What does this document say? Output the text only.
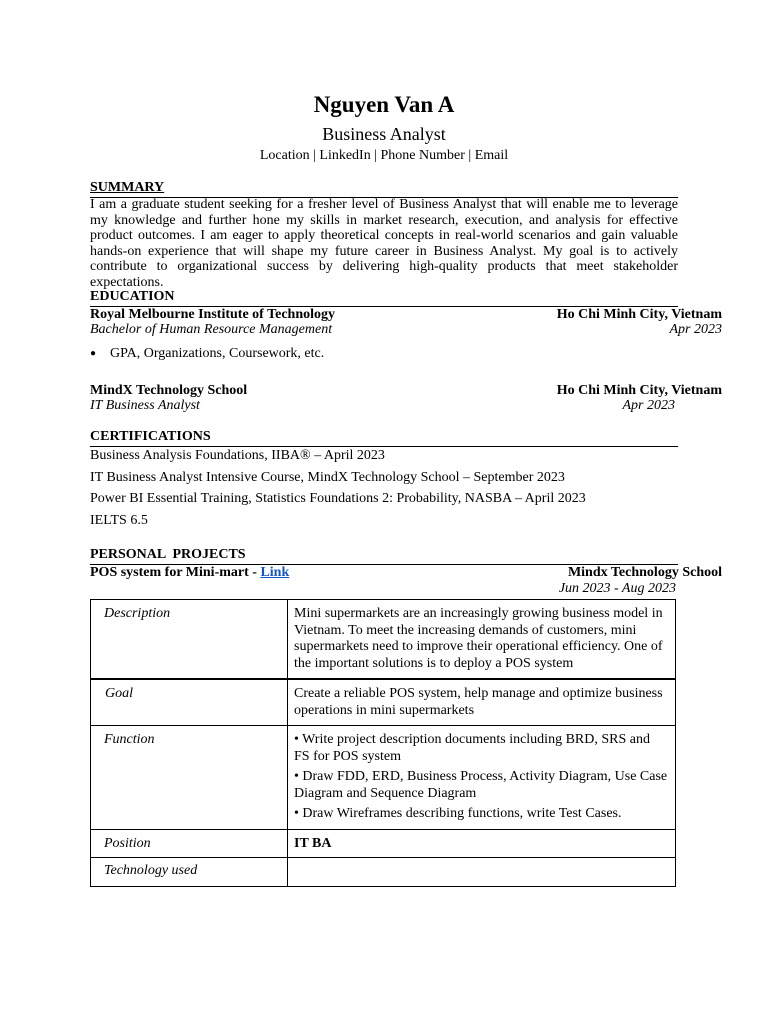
Nguyen Van A
Business Analyst
Location | LinkedIn | Phone Number | Email
SUMMARY
I am a graduate student seeking for a fresher level of Business Analyst that will enable me to leverage my knowledge and further hone my skills in market research, execution, and analysis for effective product outcomes. I am eager to apply theoretical concepts in real-world scenarios and gain valuable hands-on experience that will shape my future career in Business Analyst. My goal is to actively contribute to organizational success by delivering high-quality products that meet stakeholder expectations.
EDUCATION
Royal Melbourne Institute of Technology	Ho Chi Minh City, Vietnam
Bachelor of Human Resource Management	Apr 2023
● GPA, Organizations, Coursework, etc.
MindX Technology School	Ho Chi Minh City, Vietnam
IT Business Analyst	Apr 2023
CERTIFICATIONS
Business Analysis Foundations, IIBA® – April 2023
IT Business Analyst Intensive Course, MindX Technology School – September 2023
Power BI Essential Training, Statistics Foundations 2: Probability, NASBA – April 2023
IELTS 6.5
PERSONAL  PROJECTS
POS system for Mini-mart - Link	Mindx Technology School
Jun 2023 - Aug 2023
Description	Mini supermarkets are an increasingly growing business model in Vietnam. To meet the increasing demands of customers, mini supermarkets need to improve their operational efficiency. One of the important solutions is to deploy a POS system
Goal	Create a reliable POS system, help manage and optimize business operations in mini supermarkets
Function	• Write project description documents including BRD, SRS and FS for POS system
• Draw FDD, ERD, Business Process, Activity Diagram, Use Case Diagram and Sequence Diagram
• Draw Wireframes describing functions, write Test Cases.

Position	IT BA
Technology used	
